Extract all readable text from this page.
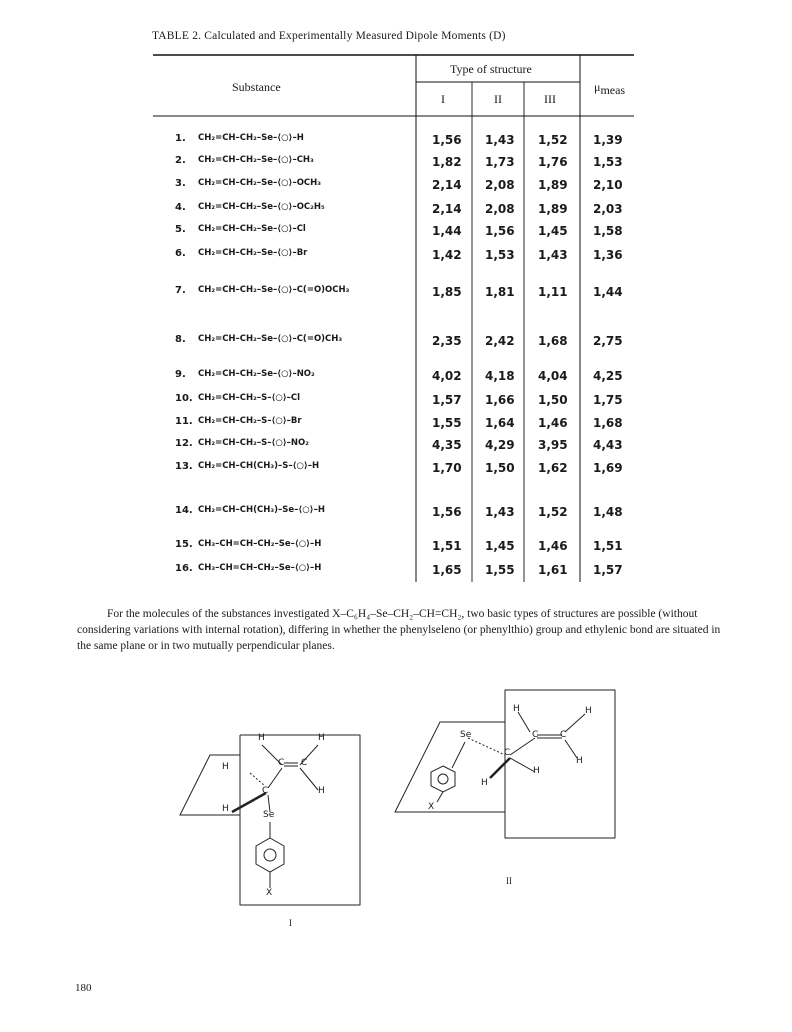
TABLE 2. Calculated and Experimentally Measured Dipole Moments (D)
Substance
Type of structure
I	II	III
μmeas
1. CH₂=CH–CH₂–Se–⟨○⟩–H	1,56 1,43 1,52 1,39
2. CH₂=CH–CH₂–Se–⟨○⟩–CH₃	1,82 1,73 1,76 1,53
3. CH₂=CH–CH₂–Se–⟨○⟩–OCH₃	2,14 2,08 1,89 2,10
4. CH₂=CH–CH₂–Se–⟨○⟩–OC₂H₅	2,14 2,08 1,89 2,03
5. CH₂=CH–CH₂–Se–⟨○⟩–Cl	1,44 1,56 1,45 1,58
6. CH₂=CH–CH₂–Se–⟨○⟩–Br	1,42 1,53 1,43 1,36
7. CH₂=CH–CH₂–Se–⟨○⟩–C(=O)OCH₃	1,85 1,81 1,11 1,44
8. CH₂=CH–CH₂–Se–⟨○⟩–C(=O)CH₃	2,35 2,42 1,68 2,75
9. CH₂=CH–CH₂–Se–⟨○⟩–NO₂	4,02 4,18 4,04 4,25
10. CH₂=CH–CH₂–S–⟨○⟩–Cl	1,57 1,66 1,50 1,75
11. CH₂=CH–CH₂–S–⟨○⟩–Br	1,55 1,64 1,46 1,68
12. CH₂=CH–CH₂–S–⟨○⟩–NO₂	4,35 4,29 3,95 4,43
13. CH₂=CH–CH(CH₃)–S–⟨○⟩–H	1,70 1,50 1,62 1,69
14. CH₂=CH–CH(CH₃)–Se–⟨○⟩–H	1,56 1,43 1,52 1,48
15. CH₃–CH=CH–CH₂–Se–⟨○⟩–H	1,51 1,45 1,46 1,51
16. CH₃–CH=CH–CH₂–Se–⟨○⟩–H	1,65 1,55 1,61 1,57

For the molecules of the substances investigated X–C₆H₄–Se–CH₂–CH=CH₂, two basic types of structures are possible (without considering variations with internal rotation), differing in whether the phenylseleno (or phenylthio) group and ethylenic bond are situated in the same plane or in two mutually perpendicular planes.

H	H
H	C C
C	H
H
Se
X
I
Se
C
C C
H	H
H
H
H
X
II
180
